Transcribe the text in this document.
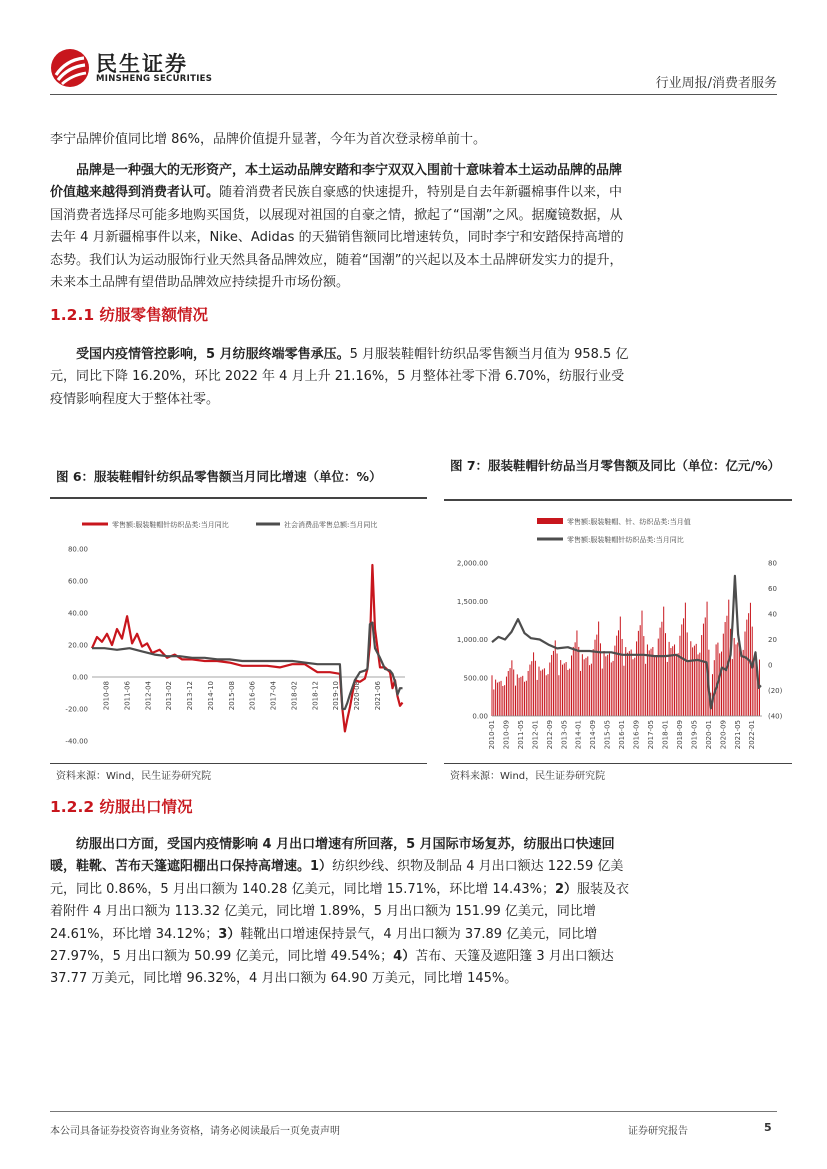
民生证券
MINSHENG SECURITIES	行业周报/消费者服务
李宁品牌价值同比增 86%，品牌价值提升显著，今年为首次登录榜单前十。
品牌是一种强大的无形资产，本土运动品牌安踏和李宁双双入围前十意味着本土运动品牌的品牌价值越来越得到消费者认可。随着消费者民族自豪感的快速提升，特别是自去年新疆棉事件以来，中国消费者选择尽可能多地购买国货，以展现对祖国的自豪之情，掀起了“国潮”之风。据魔镜数据，从去年 4 月新疆棉事件以来，Nike、Adidas 的天猫销售额同比增速转负，同时李宁和安踏保持高增的态势。我们认为运动服饰行业天然具备品牌效应，随着“国潮”的兴起以及本土品牌研发实力的提升，未来本土品牌有望借助品牌效应持续提升市场份额。
1.2.1 纺服零售额情况
受国内疫情管控影响，5 月纺服终端零售承压。5 月服装鞋帽针纺织品零售额当月值为 958.5 亿元，同比下降 16.20%，环比 2022 年 4 月上升 21.16%，5 月整体社零下滑 6.70%，纺服行业受疫情影响程度大于整体社零。
图 6：服装鞋帽针纺织品零售额当月同比增速（单位：%）
零售额:服装鞋帽针纺织品类:当月同比	社会消费品零售总额:当月同比
80.00
60.00
40.00
20.00
0.00
-20.00
-40.00
2010-08 2011-06 2012-04 2013-02 2013-12 2014-10 2015-08 2016-06 2017-04 2018-02 2018-12 2019-10 2020-08 2021-06
资料来源：Wind，民生证券研究院
图 7：服装鞋帽针纺品当月零售额及同比（单位：亿元/%）
零售额:服装鞋帽、针、纺织品类:当月值
零售额:服装鞋帽针纺织品类:当月同比
2,000.00
1,500.00
1,000.00
500.00
0.00
80
60
40
20
0
(20)
(40)
2010-01 2010-09 2011-05 2012-01 2012-09 2013-05 2014-01 2014-09 2015-05 2016-01 2016-09 2017-05 2018-01 2018-09 2019-05 2020-01 2020-09 2021-05 2022-01
资料来源：Wind，民生证券研究院
1.2.2 纺服出口情况
纺服出口方面，受国内疫情影响 4 月出口增速有所回落，5 月国际市场复苏，纺服出口快速回暖，鞋靴、苫布天篷遮阳棚出口保持高增速。1）纺织纱线、织物及制品 4 月出口额达 122.59 亿美元，同比 0.86%，5 月出口额为 140.28 亿美元，同比增 15.71%，环比增 14.43%；2）服装及衣着附件 4 月出口额为 113.32 亿美元，同比增 1.89%，5 月出口额为 151.99 亿美元，同比增 24.61%，环比增 34.12%；3）鞋靴出口增速保持景气，4 月出口额为 37.89 亿美元，同比增 27.97%，5 月出口额为 50.99 亿美元，同比增 49.54%；4）苫布、天篷及遮阳篷 3 月出口额达 37.77 万美元，同比增 96.32%，4 月出口额为 64.90 万美元，同比增 145%。
本公司具备证券投资咨询业务资格，请务必阅读最后一页免责声明	证券研究报告	5
